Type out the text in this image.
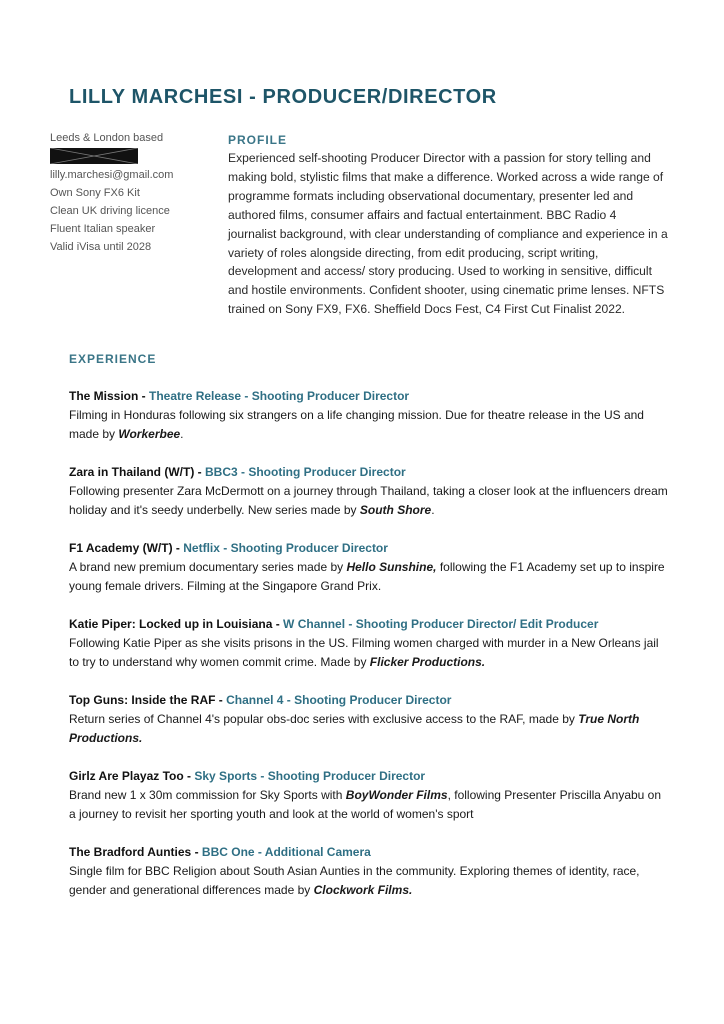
LILLY MARCHESI - PRODUCER/DIRECTOR
Leeds & London based
lilly.marchesi@gmail.com
Own Sony FX6 Kit
Clean UK driving licence
Fluent Italian speaker
Valid iVisa until 2028
PROFILE
Experienced self-shooting Producer Director with a passion for story telling and making bold, stylistic films that make a difference. Worked across a wide range of programme formats including observational documentary, presenter led and authored films, consumer affairs and factual entertainment. BBC Radio 4 journalist background, with clear understanding of compliance and experience in a variety of roles alongside directing, from edit producing, script writing, development and access/ story producing. Used to working in sensitive, difficult and hostile environments. Confident shooter, using cinematic prime lenses. NFTS trained on Sony FX9, FX6. Sheffield Docs Fest, C4 First Cut Finalist 2022.
EXPERIENCE
The Mission - Theatre Release - Shooting Producer Director
Filming in Honduras following six strangers on a life changing mission. Due for theatre release in the US and made by Workerbee.
Zara in Thailand (W/T) - BBC3 - Shooting Producer Director
Following presenter Zara McDermott on a journey through Thailand, taking a closer look at the influencers dream holiday and it's seedy underbelly. New series made by South Shore.
F1 Academy (W/T) - Netflix - Shooting Producer Director
A brand new premium documentary series made by Hello Sunshine, following the F1 Academy set up to inspire young female drivers. Filming at the Singapore Grand Prix.
Katie Piper: Locked up in Louisiana - W Channel - Shooting Producer Director/ Edit Producer
Following Katie Piper as she visits prisons in the US. Filming women charged with murder in a New Orleans jail to try to understand why women commit crime. Made by Flicker Productions.
Top Guns: Inside the RAF - Channel 4 - Shooting Producer Director
Return series of Channel 4's popular obs-doc series with exclusive access to the RAF, made by True North Productions.
Girlz Are Playaz Too - Sky Sports - Shooting Producer Director
Brand new 1 x 30m commission for Sky Sports with BoyWonder Films, following Presenter Priscilla Anyabu on a journey to revisit her sporting youth and look at the world of women's sport
The Bradford Aunties - BBC One - Additional Camera
Single film for BBC Religion about South Asian Aunties in the community. Exploring themes of identity, race, gender and generational differences made by Clockwork Films.
